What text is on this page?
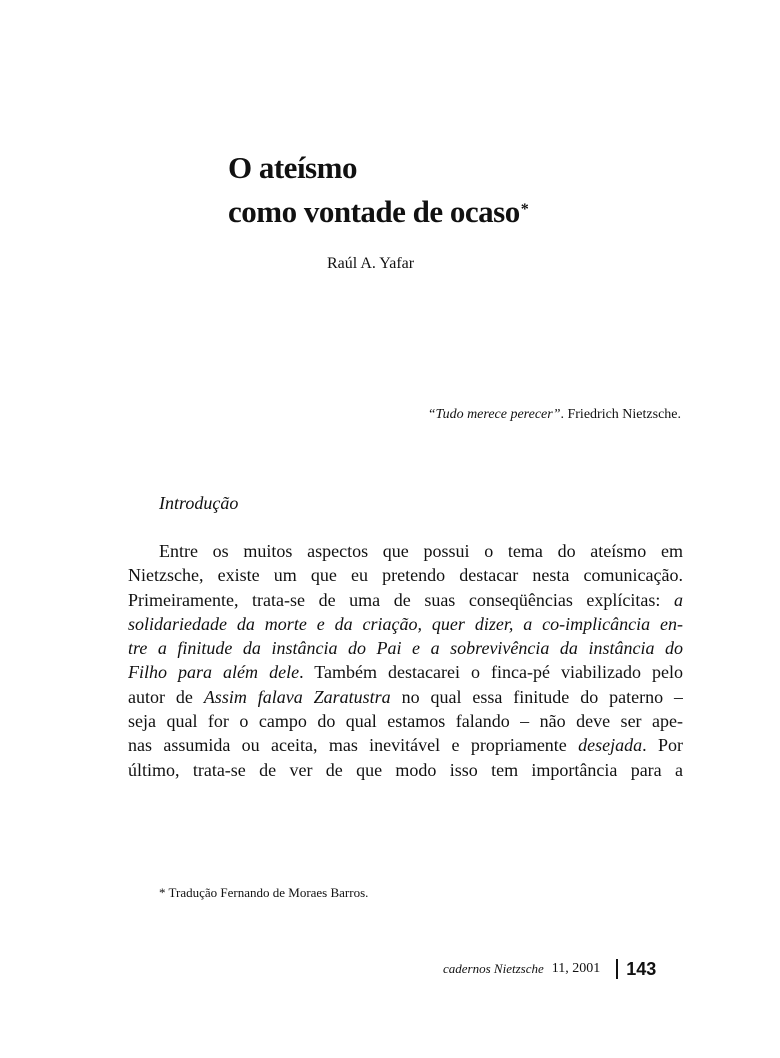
O ateísmo
como vontade de ocaso*
Raúl A. Yafar
“Tudo merece perecer”. Friedrich Nietzsche.
Introdução
Entre os muitos aspectos que possui o tema do ateísmo em
Nietzsche, existe um que eu pretendo destacar nesta comunicação.
Primeiramente, trata-se de uma de suas conseqüências explícitas: a
solidariedade da morte e da criação, quer dizer, a co-implicância en-
tre a finitude da instância do Pai e a sobrevivência da instância do
Filho para além dele. Também destacarei o finca-pé viabilizado pelo
autor de Assim falava Zaratustra no qual essa finitude do paterno –
seja qual for o campo do qual estamos falando – não deve ser ape-
nas assumida ou aceita, mas inevitável e propriamente desejada. Por
último, trata-se de ver de que modo isso tem importância para a
* Tradução Fernando de Moraes Barros.
cadernos Nietzsche 11, 2001 143
